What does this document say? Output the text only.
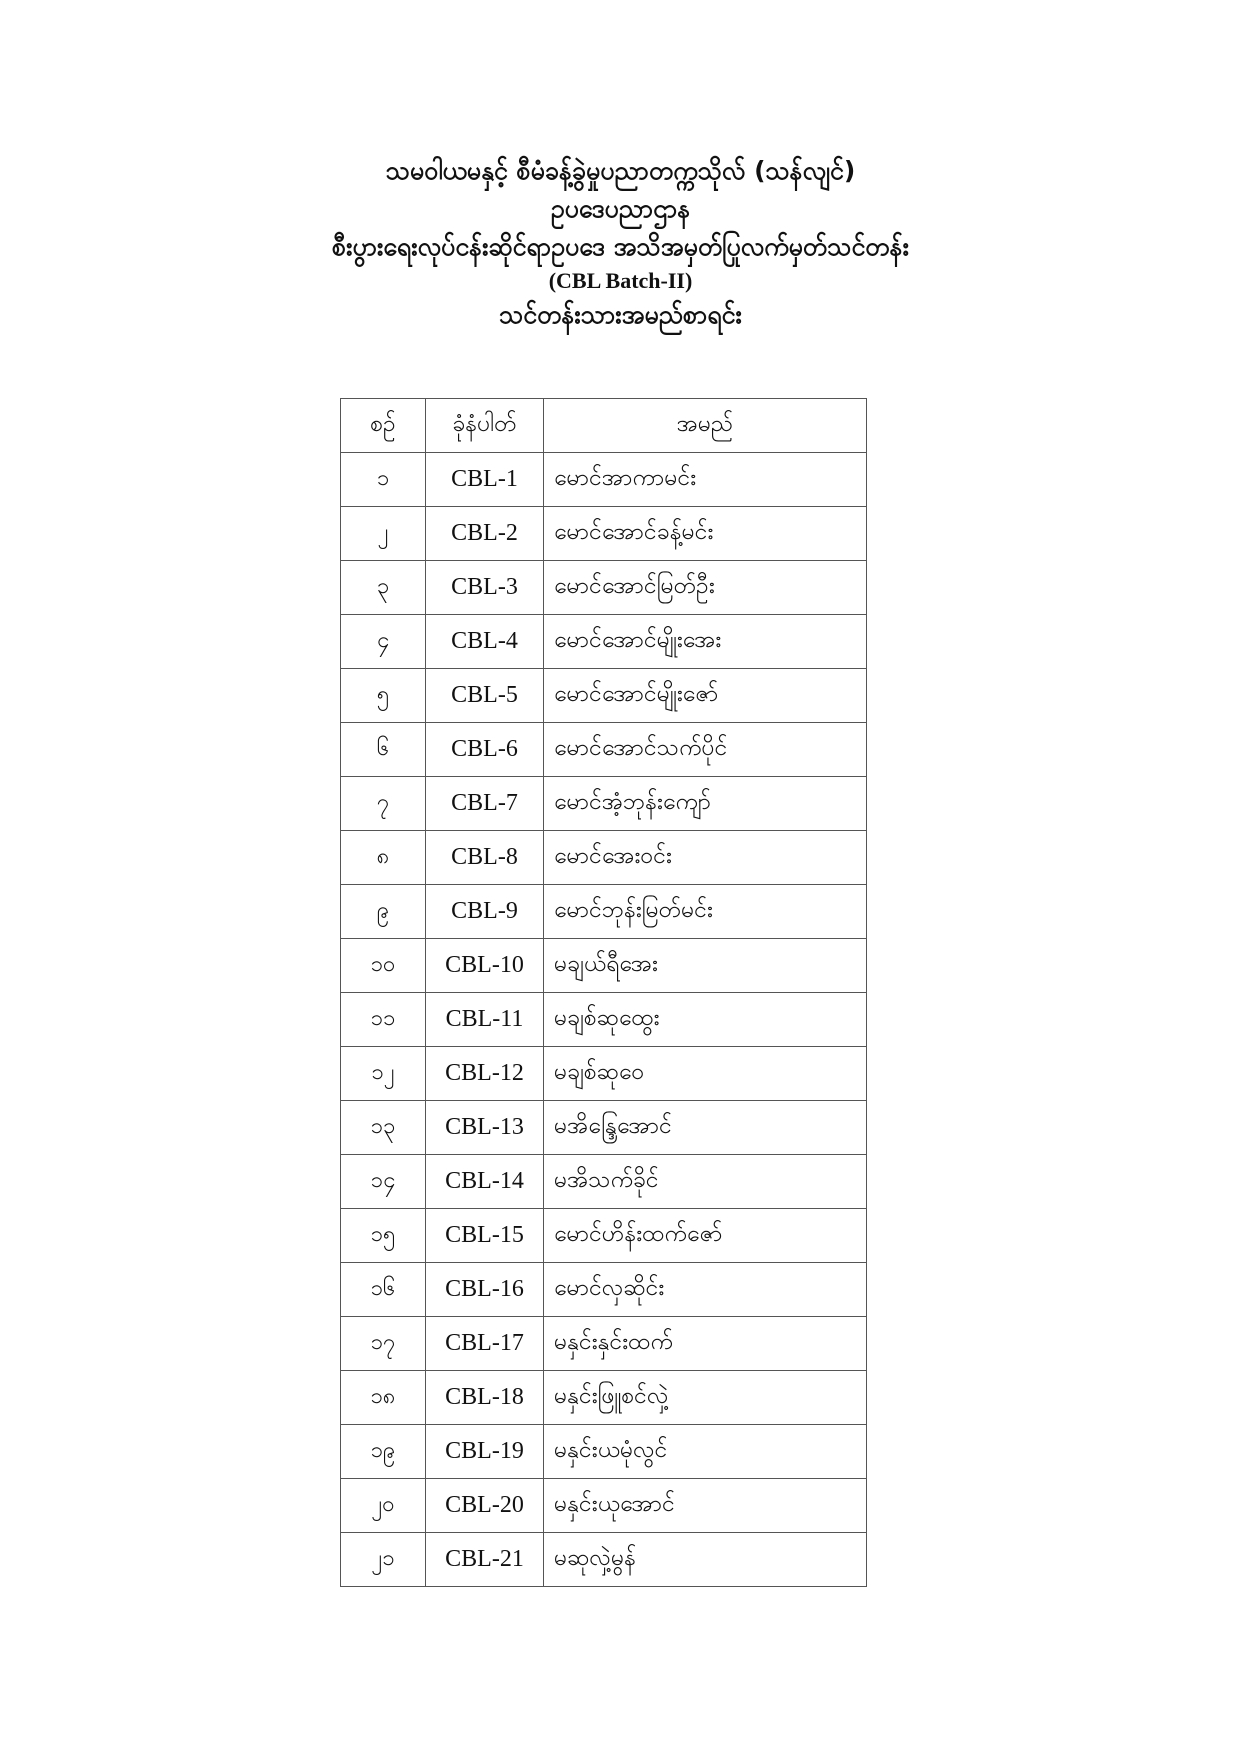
သမဝါယမနှင့် စီမံခန့်ခွဲမှုပညာတက္ကသိုလ် (သန်လျင်)
ဥပဒေပညာဌာန
စီးပွားရေးလုပ်ငန်းဆိုင်ရာဥပဒေ အသိအမှတ်ပြုလက်မှတ်သင်တန်း
(CBL Batch-II)
သင်တန်းသားအမည်စာရင်း
စဉ်	ခုံနံပါတ်	အမည်
၁	CBL-1	မောင်အာကာမင်း
၂	CBL-2	မောင်အောင်ခန့်မင်း
၃	CBL-3	မောင်အောင်မြတ်ဦး
၄	CBL-4	မောင်အောင်မျိုးအေး
၅	CBL-5	မောင်အောင်မျိုးဇော်
၆	CBL-6	မောင်အောင်သက်ပိုင်
၇	CBL-7	မောင်အံ့ဘုန်းကျော်
၈	CBL-8	မောင်အေးဝင်း
၉	CBL-9	မောင်ဘုန်းမြတ်မင်း
၁၀	CBL-10	မချယ်ရီအေး
၁၁	CBL-11	မချစ်ဆုထွေး
၁၂	CBL-12	မချစ်ဆုဝေ
၁၃	CBL-13	မအိန္ဒြေအောင်
၁၄	CBL-14	မအိသက်ခိုင်
၁၅	CBL-15	မောင်ဟိန်းထက်ဇော်
၁၆	CBL-16	မောင်လှဆိုင်း
၁၇	CBL-17	မနှင်းနှင်းထက်
၁၈	CBL-18	မနှင်းဖြူစင်လှဲ့
၁၉	CBL-19	မနှင်းယမုံလွင်
၂၀	CBL-20	မနှင်းယုအောင်
၂၁	CBL-21	မဆုလှဲ့မွန်
